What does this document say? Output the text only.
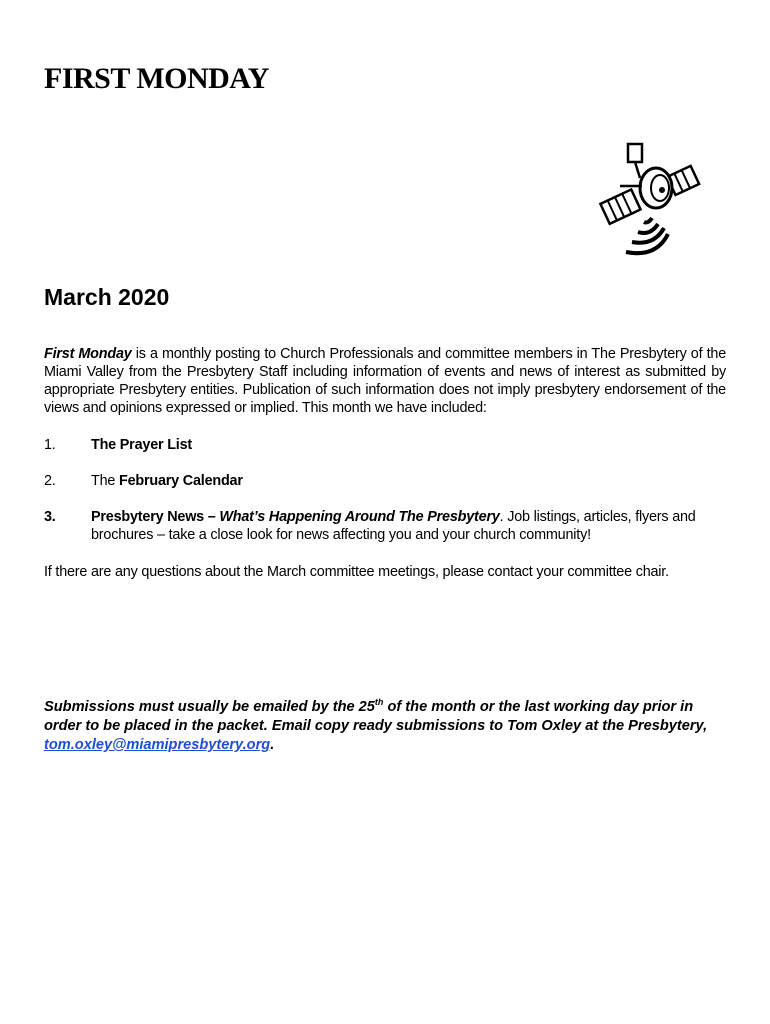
FIRST MONDAY
March 2020

First Monday is a monthly posting to Church Professionals and committee members in The Presbytery of the Miami Valley from the Presbytery Staff including information of events and news of interest as submitted by appropriate Presbytery entities. Publication of such information does not imply presbytery endorsement of the views and opinions expressed or implied. This month we have included:

1. The Prayer List
2. The February Calendar
3. Presbytery News – What’s Happening Around The Presbytery. Job listings, articles, flyers and brochures – take a close look for news affecting you and your church community!

If there are any questions about the March committee meetings, please contact your committee chair.

Submissions must usually be emailed by the 25th of the month or the last working day prior in order to be placed in the packet. Email copy ready submissions to Tom Oxley at the Presbytery, tom.oxley@miamipresbytery.org.
